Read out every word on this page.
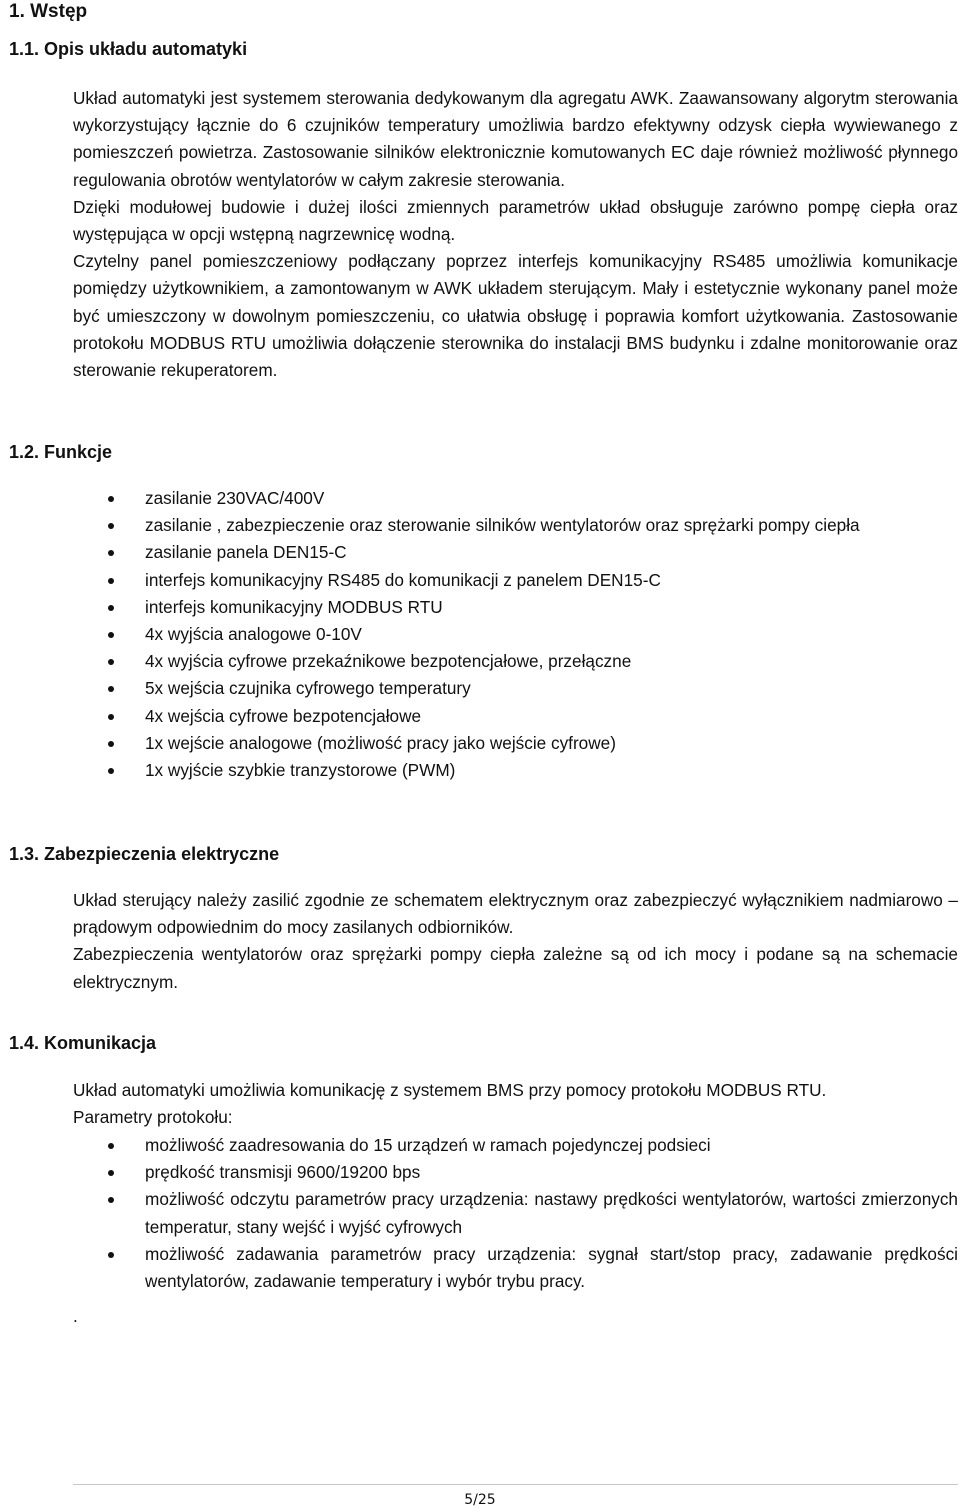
1. Wstęp
1.1. Opis układu automatyki

Układ automatyki jest systemem sterowania dedykowanym dla agregatu AWK. Zaawansowany algorytm sterowania wykorzystujący łącznie do 6 czujników temperatury umożliwia bardzo efektywny odzysk ciepła wywiewanego z pomieszczeń powietrza. Zastosowanie silników elektronicznie komutowanych EC daje również możliwość płynnego regulowania obrotów wentylatorów w całym zakresie sterowania.

Dzięki modułowej budowie i dużej ilości zmiennych parametrów układ obsługuje zarówno pompę ciepła oraz występująca w opcji wstępną nagrzewnicę wodną.

Czytelny panel pomieszczeniowy podłączany poprzez interfejs komunikacyjny RS485 umożliwia komunikacje pomiędzy użytkownikiem, a zamontowanym w AWK układem sterującym. Mały i estetycznie wykonany panel może być umieszczony w dowolnym pomieszczeniu, co ułatwia obsługę i poprawia komfort użytkowania. Zastosowanie protokołu MODBUS RTU umożliwia dołączenie sterownika do instalacji BMS budynku i zdalne monitorowanie oraz sterowanie rekuperatorem.

1.2. Funkcje
zasilanie 230VAC/400V
zasilanie , zabezpieczenie oraz sterowanie silników wentylatorów oraz sprężarki pompy ciepła
zasilanie panela DEN15-C
interfejs komunikacyjny RS485 do komunikacji z panelem DEN15-C
interfejs komunikacyjny MODBUS RTU
4x wyjścia analogowe 0-10V
4x wyjścia cyfrowe przekaźnikowe bezpotencjałowe, przełączne
5x wejścia czujnika cyfrowego temperatury
4x wejścia cyfrowe bezpotencjałowe
1x wejście analogowe (możliwość pracy jako wejście cyfrowe)
1x wyjście szybkie tranzystorowe (PWM)
1.3. Zabezpieczenia elektryczne

Układ sterujący należy zasilić zgodnie ze schematem elektrycznym oraz zabezpieczyć wyłącznikiem nadmiarowo – prądowym odpowiednim do mocy zasilanych odbiorników.

Zabezpieczenia wentylatorów oraz sprężarki pompy ciepła zależne są od ich mocy i podane są na schemacie elektrycznym.

1.4. Komunikacja

Układ automatyki umożliwia komunikację z systemem BMS przy pomocy protokołu MODBUS RTU.

Parametry protokołu:

możliwość zaadresowania do 15 urządzeń w ramach pojedynczej podsieci
prędkość transmisji 9600/19200 bps
możliwość odczytu parametrów pracy urządzenia: nastawy prędkości wentylatorów, wartości zmierzonych temperatur, stany wejść i wyjść cyfrowych
możliwość zadawania parametrów pracy urządzenia: sygnał start/stop pracy, zadawanie prędkości wentylatorów, zadawanie temperatury i wybór trybu pracy.
.
5/25
